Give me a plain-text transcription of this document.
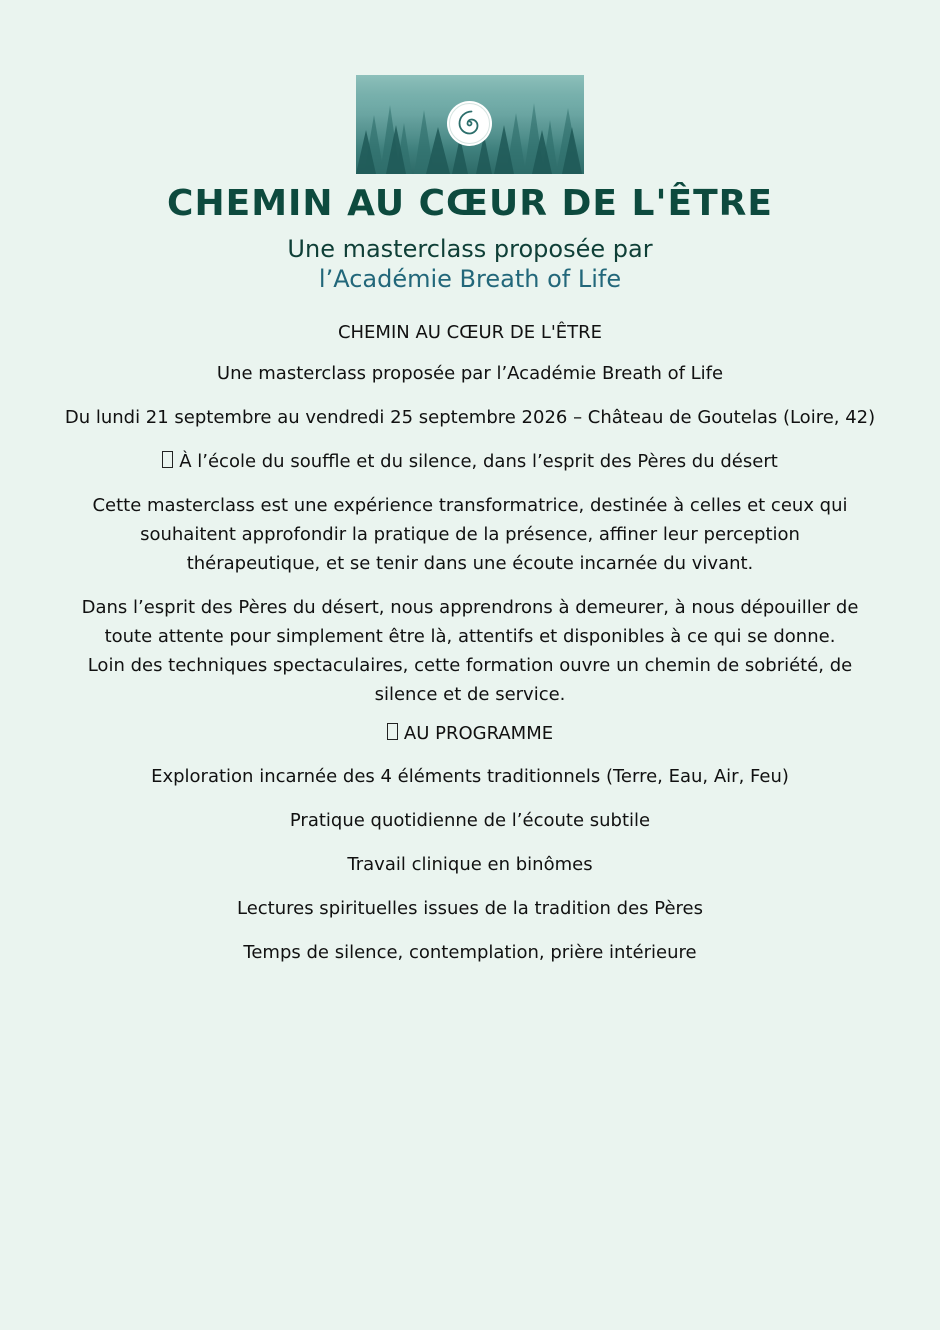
CHEMIN AU CŒUR DE L'ÊTRE
Une masterclass proposée par
l’Académie Breath of Life
CHEMIN AU CŒUR DE L'ÊTRE
Une masterclass proposée par l’Académie Breath of Life
Du lundi 21 septembre au vendredi 25 septembre 2026 – Château de Goutelas (Loire, 42)
À l’école du souffle et du silence, dans l’esprit des Pères du désert
Cette masterclass est une expérience transformatrice, destinée à celles et ceux qui souhaitent approfondir la pratique de la présence, affiner leur perception thérapeutique, et se tenir dans une écoute incarnée du vivant.
Dans l’esprit des Pères du désert, nous apprendrons à demeurer, à nous dépouiller de toute attente pour simplement être là, attentifs et disponibles à ce qui se donne.
Loin des techniques spectaculaires, cette formation ouvre un chemin de sobriété, de silence et de service.
AU PROGRAMME
Exploration incarnée des 4 éléments traditionnels (Terre, Eau, Air, Feu)
Pratique quotidienne de l’écoute subtile
Travail clinique en binômes
Lectures spirituelles issues de la tradition des Pères
Temps de silence, contemplation, prière intérieure
